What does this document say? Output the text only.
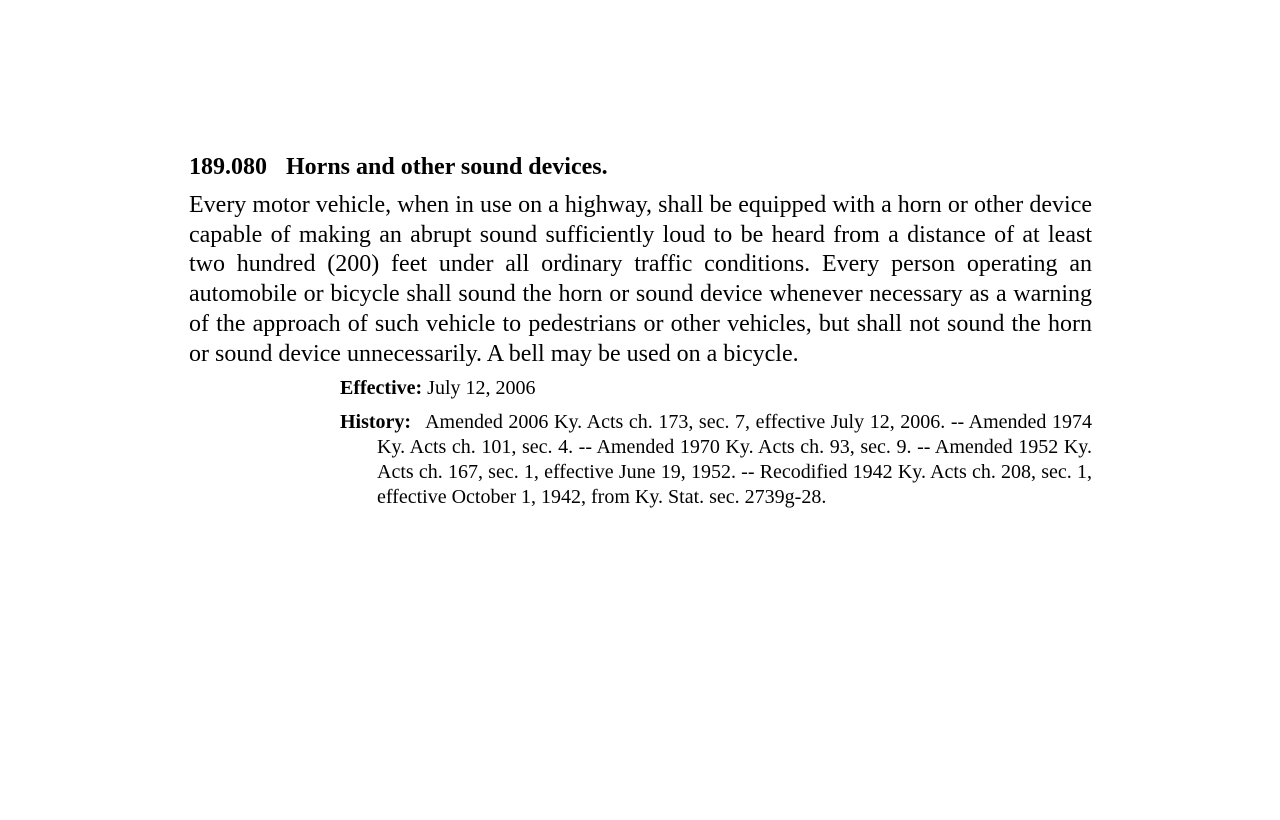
189.080 Horns and other sound devices.

Every motor vehicle, when in use on a highway, shall be equipped with a horn or other device capable of making an abrupt sound sufficiently loud to be heard from a distance of at least two hundred (200) feet under all ordinary traffic conditions. Every person operating an automobile or bicycle shall sound the horn or sound device whenever necessary as a warning of the approach of such vehicle to pedestrians or other vehicles, but shall not sound the horn or sound device unnecessarily. A bell may be used on a bicycle.

Effective: July 12, 2006
History: Amended 2006 Ky. Acts ch. 173, sec. 7, effective July 12, 2006. -- Amended 1974 Ky. Acts ch. 101, sec. 4. -- Amended 1970 Ky. Acts ch. 93, sec. 9. -- Amended 1952 Ky. Acts ch. 167, sec. 1, effective June 19, 1952. -- Recodified 1942 Ky. Acts ch. 208, sec. 1, effective October 1, 1942, from Ky. Stat. sec. 2739g-28.
